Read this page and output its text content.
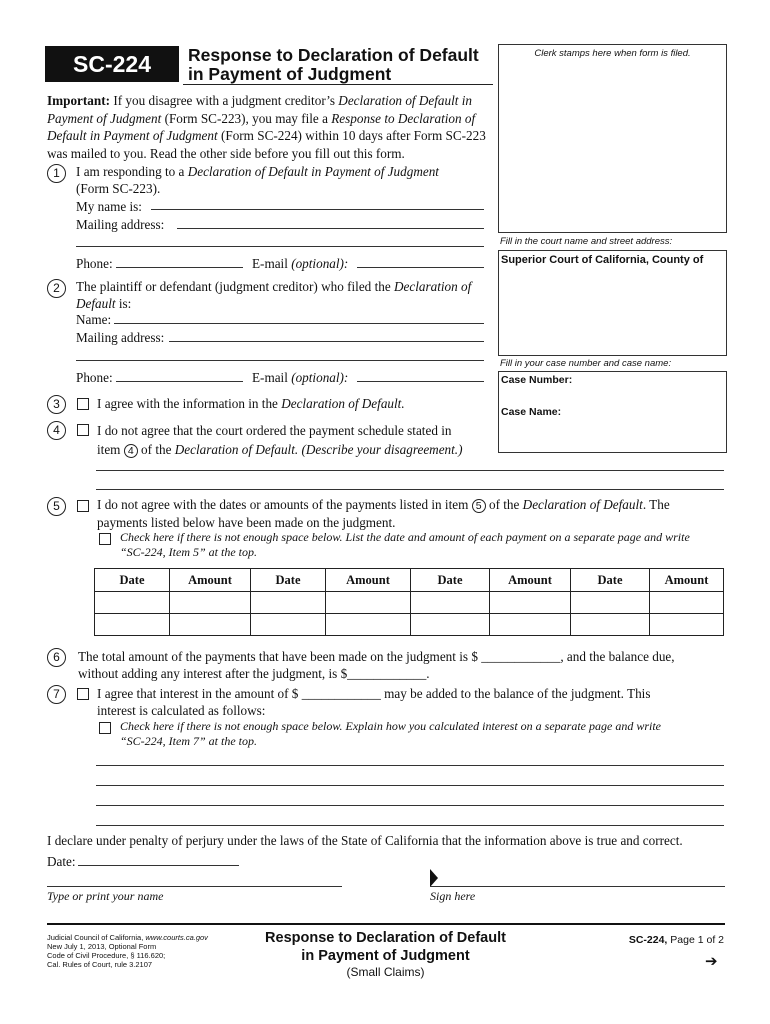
SC-224	Response to Declaration of Default
in Payment of Judgment
Clerk stamps here when form is filed.
Fill in the court name and street address:
Superior Court of California, County of
Fill in your case number and case name:
Case Number:
Case Name:
Important: If you disagree with a judgment creditor’s Declaration of Default in Payment of Judgment (Form SC-223), you may file a Response to Declaration of Default in Payment of Judgment (Form SC-224) within 10 days after Form SC-223 was mailed to you. Read the other side before you fill out this form.
1	I am responding to a Declaration of Default in Payment of Judgment
(Form SC-223).
My name is:
Mailing address:
Phone:	E-mail (optional):
2	The plaintiff or defendant (judgment creditor) who filed the Declaration of Default is:
Name:
Mailing address:
Phone:	E-mail (optional):
3	I agree with the information in the Declaration of Default.
4	I do not agree that the court ordered the payment schedule stated in
item 4 of the Declaration of Default. (Describe your disagreement.)
5	I do not agree with the dates or amounts of the payments listed in item 5 of the Declaration of Default. The
payments listed below have been made on the judgment.
Check here if there is not enough space below. List the date and amount of each payment on a separate page and write
“SC-224, Item 5” at the top.
Date	Amount	Date	Amount	Date	Amount	Date	Amount

6	The total amount of the payments that have been made on the judgment is $ ____________, and the balance due,
without adding any interest after the judgment, is $____________.
7	I agree that interest in the amount of $ ____________ may be added to the balance of the judgment. This
interest is calculated as follows:
Check here if there is not enough space below. Explain how you calculated interest on a separate page and write
“SC-224, Item 7” at the top.
I declare under penalty of perjury under the laws of the State of California that the information above is true and correct.
Date:
Type or print your name	Sign here
Judicial Council of California, www.courts.ca.gov
New July 1, 2013, Optional Form
Code of Civil Procedure, § 116.620;
Cal. Rules of Court, rule 3.2107
Response to Declaration of Default
in Payment of Judgment
(Small Claims)
SC-224, Page 1 of 2
➔
